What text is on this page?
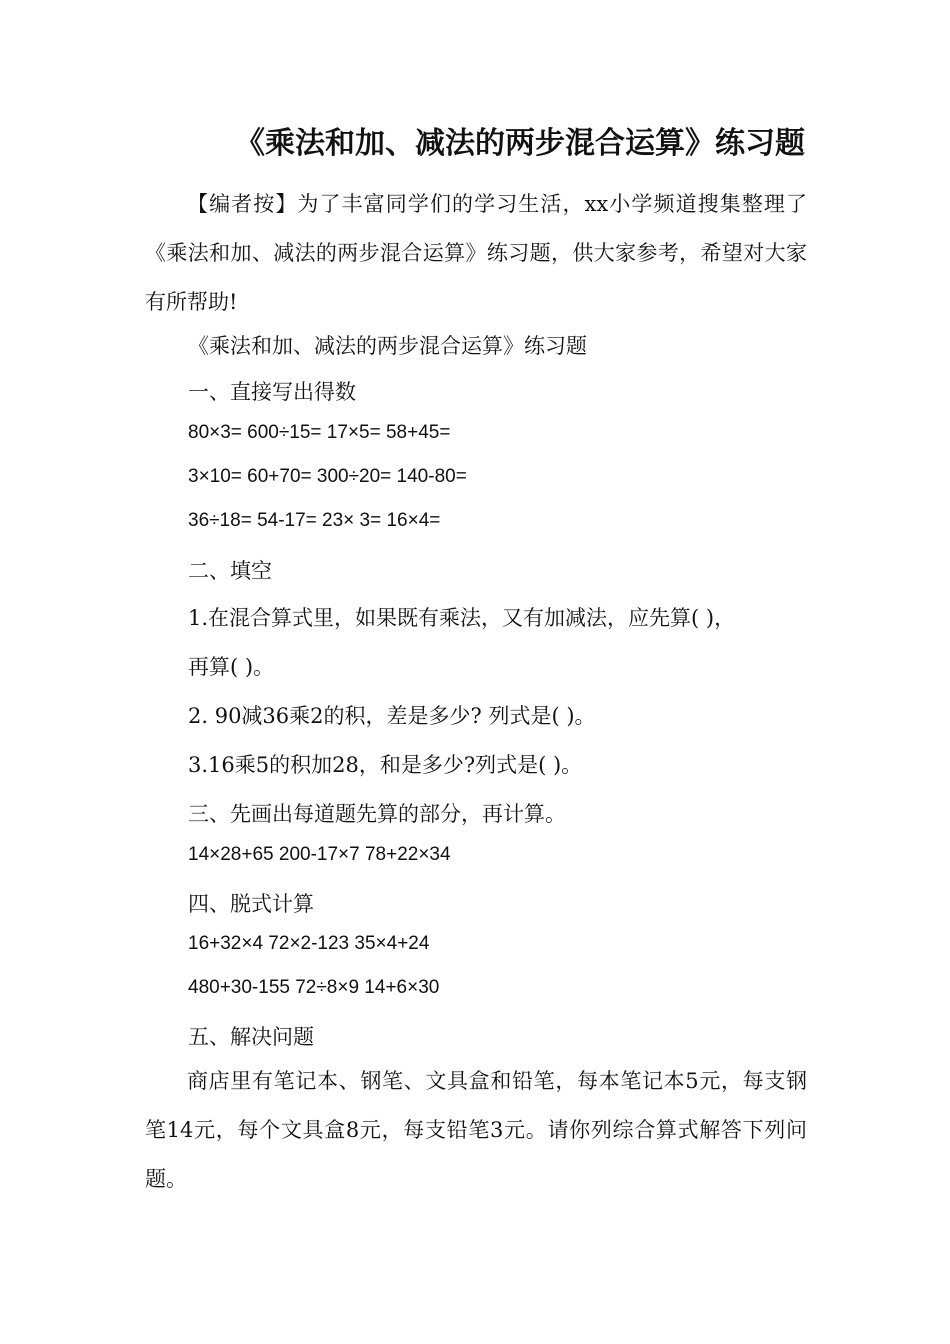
《乘法和加、减法的两步混合运算》练习题
【编者按】为了丰富同学们的学习生活，xx小学频道搜集整理了《乘法和加、减法的两步混合运算》练习题，供大家参考，希望对大家有所帮助!
《乘法和加、减法的两步混合运算》练习题
一、直接写出得数
80×3= 600÷15= 17×5= 58+45=
3×10= 60+70= 300÷20= 140-80=
36÷18= 54-17= 23× 3= 16×4=
二、填空
1.在混合算式里，如果既有乘法，又有加减法，应先算( )，
再算( )。
2. 90减36乘2的积，差是多少? 列式是( )。
3.16乘5的积加28，和是多少?列式是( )。
三、先画出每道题先算的部分，再计算。
14×28+65 200-17×7 78+22×34
四、脱式计算
16+32×4 72×2-123 35×4+24
480+30-155 72÷8×9 14+6×30
五、解决问题
商店里有笔记本、钢笔、文具盒和铅笔，每本笔记本5元，每支钢笔14元，每个文具盒8元，每支铅笔3元。请你列综合算式解答下列问题。
